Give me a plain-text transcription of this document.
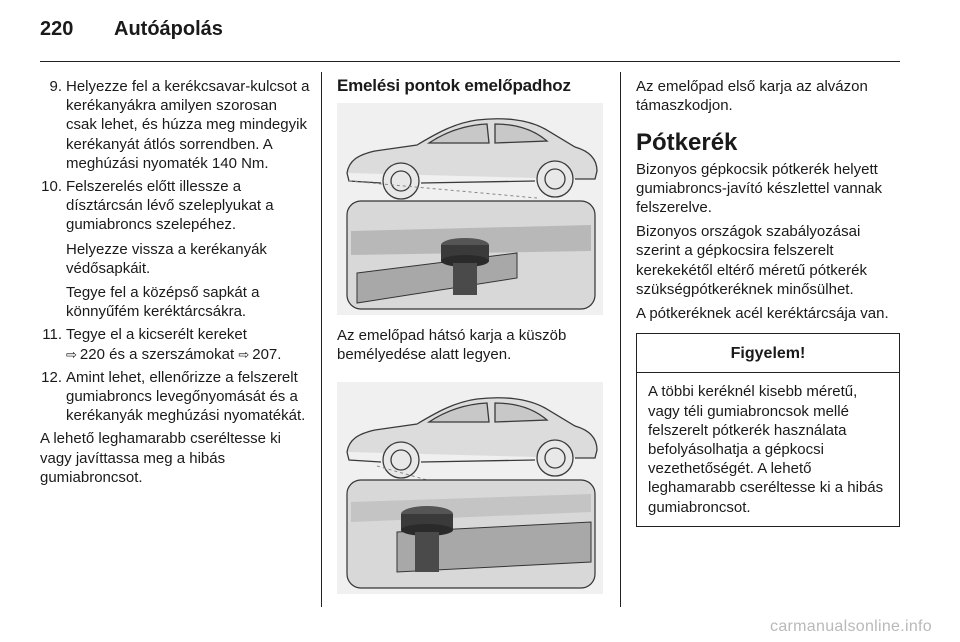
220 Autóápolás
9. Helyezze fel a kerékcsavar-kulcsot a kerékanyákra amilyen szorosan csak lehet, és húzza meg mindegyik kerékanyát átlós sorrendben. A meghúzási nyomaték 140 Nm.

10. Felszerelés előtt illessze a dísztárcsán lévő szeleplyukat a gumiabroncs szelepéhez.

Helyezze vissza a kerékanyák védősapkáit.

Tegye fel a középső sapkát a könnyűfém keréktárcsákra.

11. Tegye el a kicserélt kereket
⇨ 220 és a szerszámokat ⇨ 207.

12. Amint lehet, ellenőrizze a felszerelt gumiabroncs levegőnyomását és a kerékanyák meghúzási nyomatékát.

A lehető leghamarabb cseréltesse ki vagy javíttassa meg a hibás gumiabroncsot.

Emelési pontok emelőpadhoz

Az emelőpad hátsó karja a küszöb bemélyedése alatt legyen.

Az emelőpad első karja az alvázon támaszkodjon.

Pótkerék

Bizonyos gépkocsik pótkerék helyett gumiabroncs-javító készlettel vannak felszerelve.

Bizonyos országok szabályozásai szerint a gépkocsira felszerelt kerekekétől eltérő méretű pótkerék szükségpótkeréknek minősülhet.

A pótkeréknek acél keréktárcsája van.

Figyelem!
A többi keréknél kisebb méretű, vagy téli gumiabroncsok mellé felszerelt pótkerék használata befolyásolhatja a gépkocsi vezethetőségét. A lehető leghamarabb cseréltesse ki a hibás gumiabroncsot.
carmanualsonline.info
